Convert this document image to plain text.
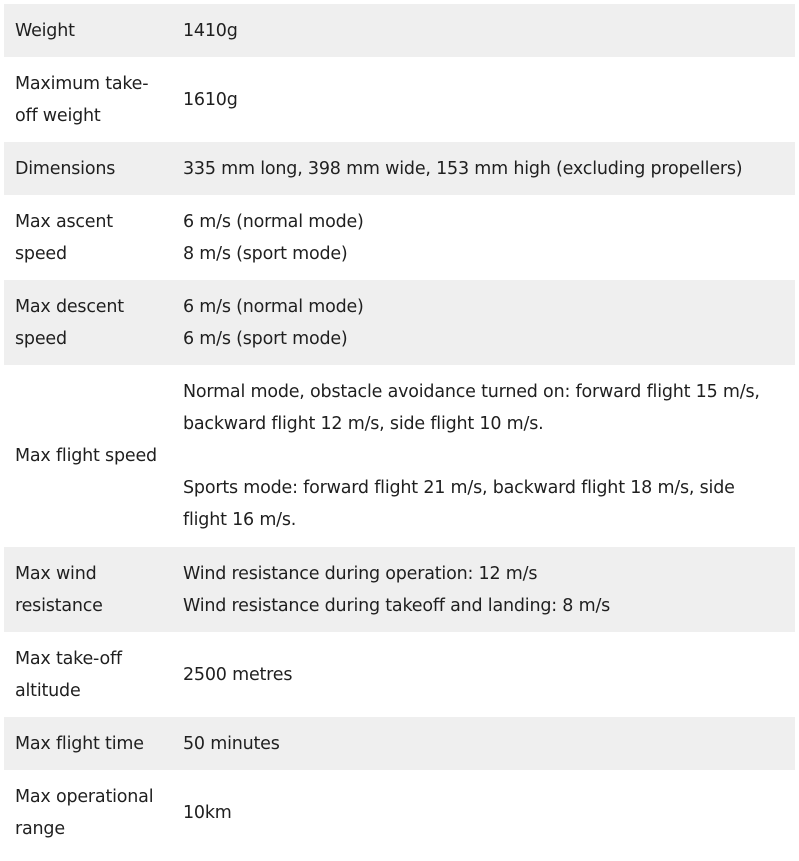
Weight	1410g

Maximum take-
off weight	1610g

Dimensions	335 mm long, 398 mm wide, 153 mm high (excluding propellers)

Max ascent
speed	6 m/s (normal mode)
8 m/s (sport mode)

Max descent
speed	6 m/s (normal mode)
6 m/s (sport mode)

Max flight speed	Normal mode, obstacle avoidance turned on: forward flight 15 m/s,
backward flight 12 m/s, side flight 10 m/s.
Sports mode: forward flight 21 m/s, backward flight 18 m/s, side
flight 16 m/s.

Max wind
resistance	Wind resistance during operation: 12 m/s
Wind resistance during takeoff and landing: 8 m/s

Max take-off
altitude	2500 metres

Max flight time	50 minutes

Max operational
range	10km
